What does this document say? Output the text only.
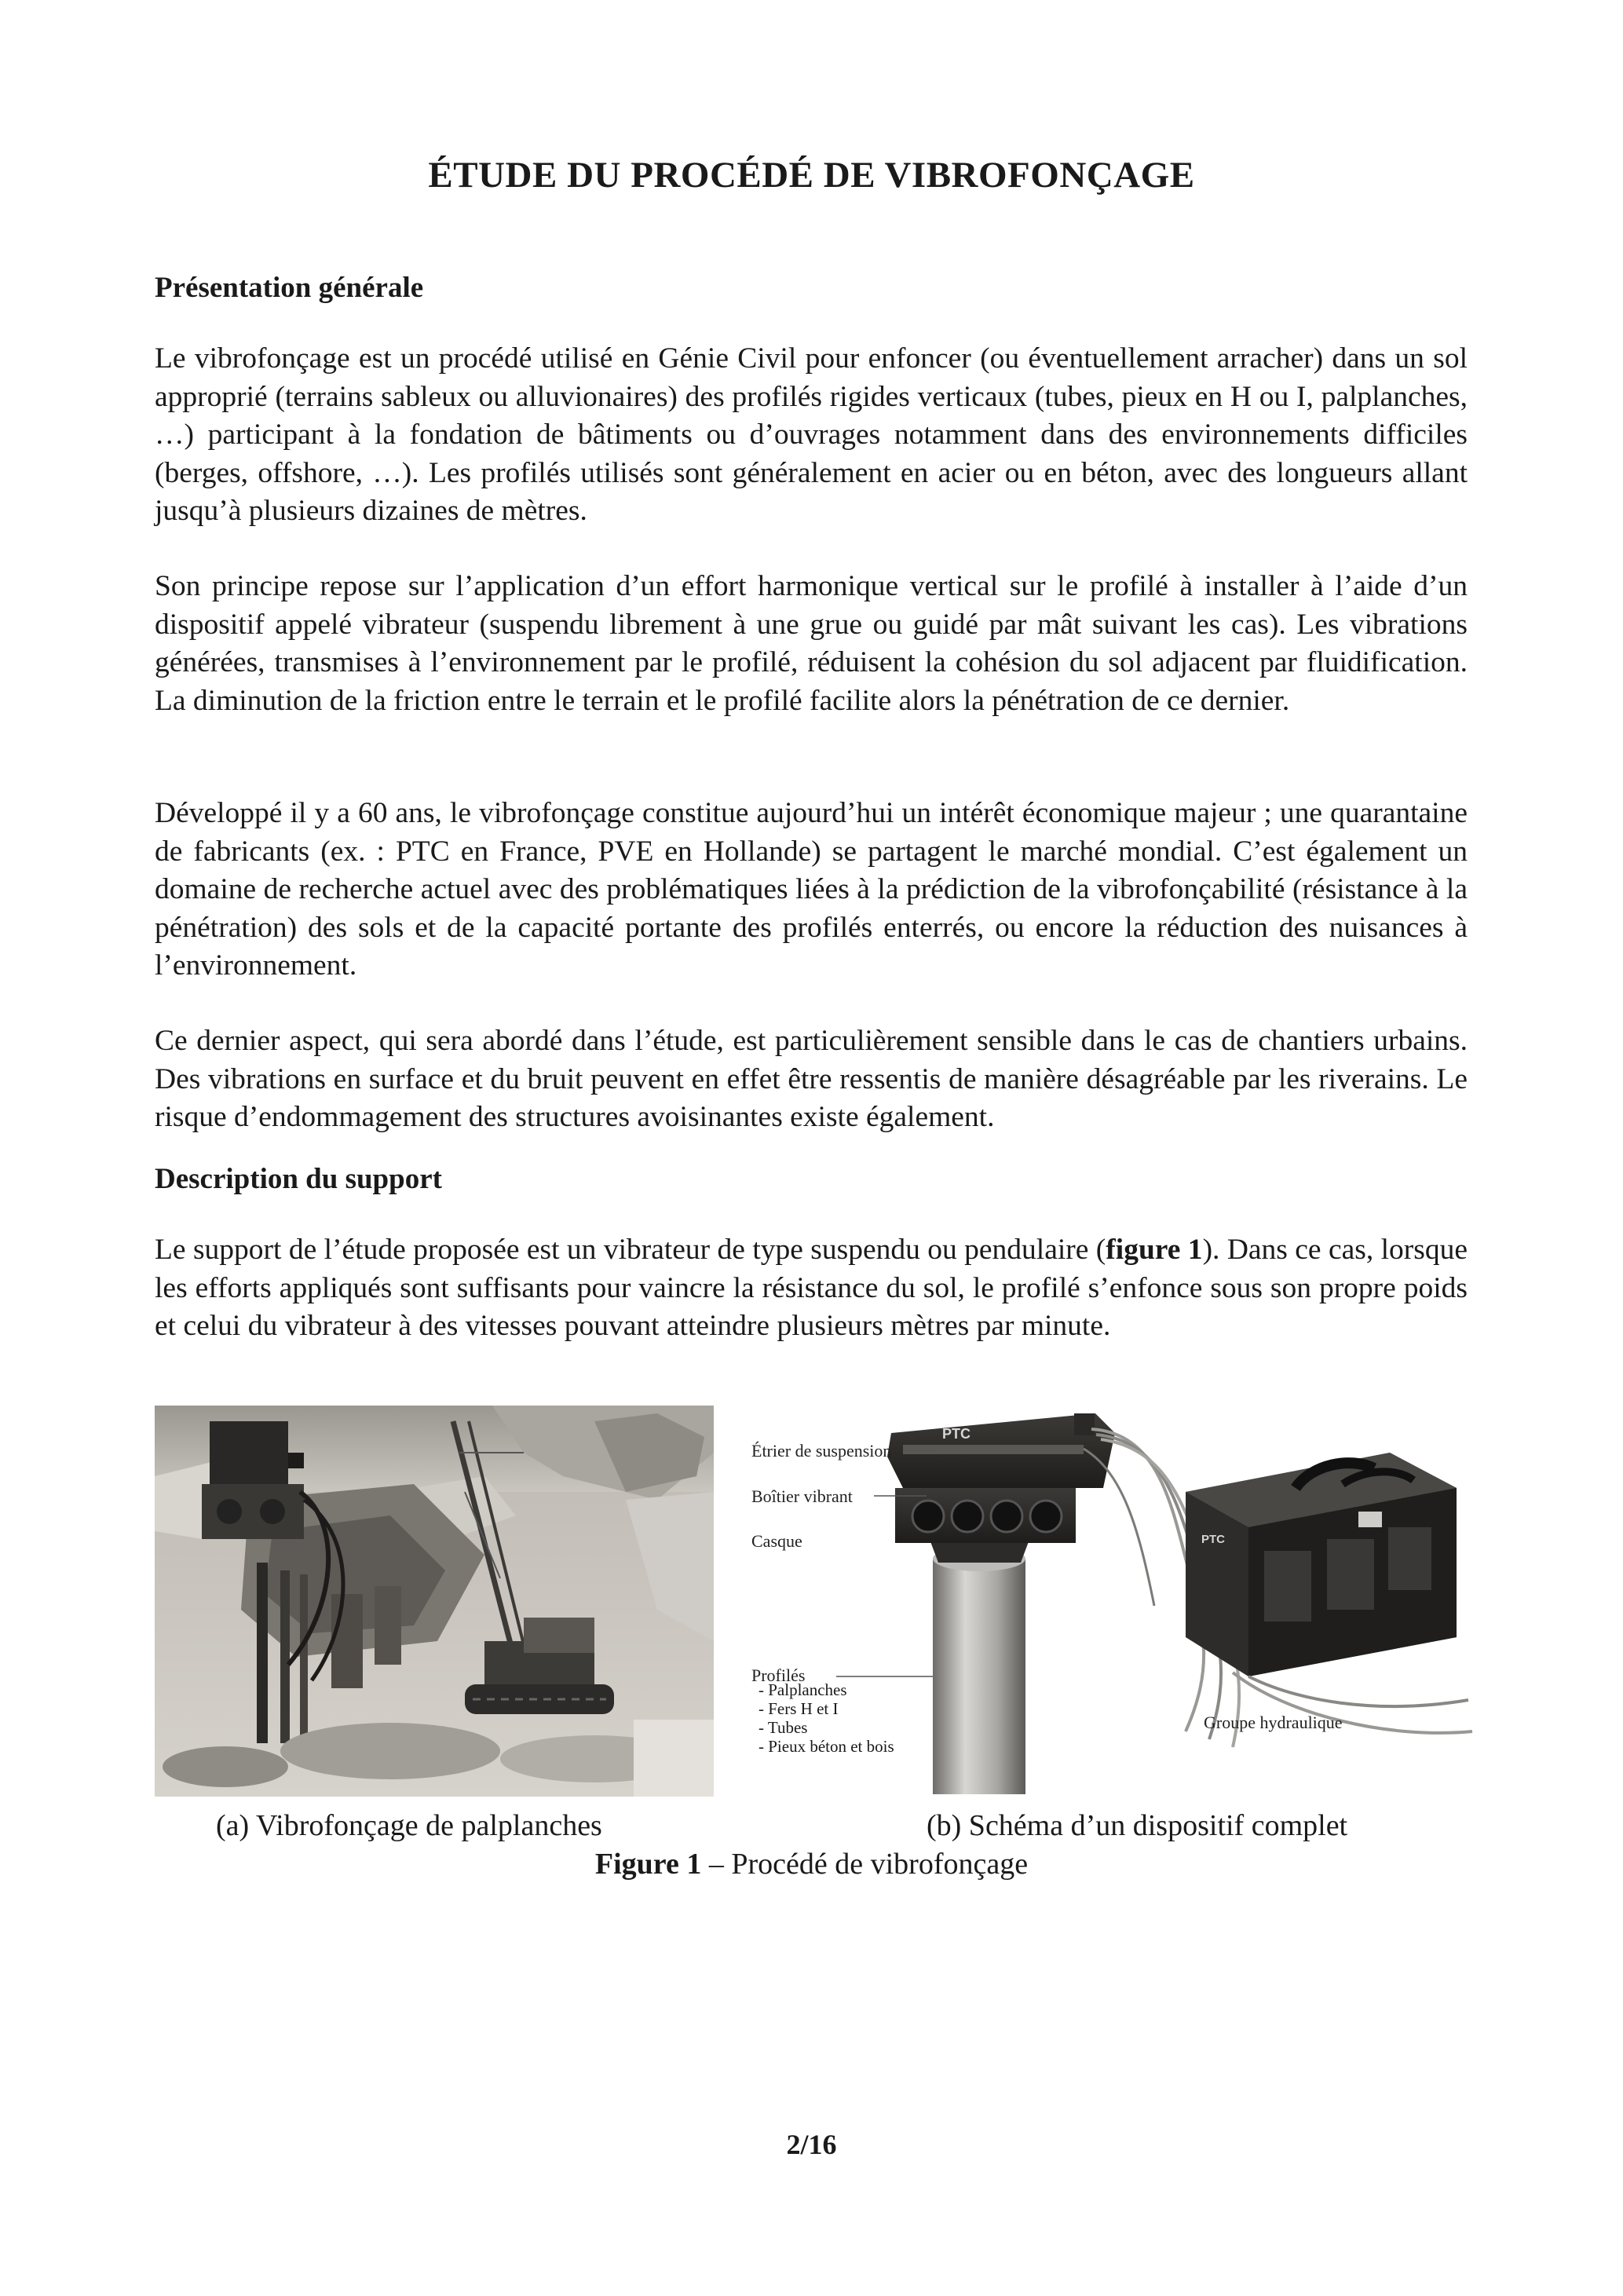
ÉTUDE DU PROCÉDÉ DE VIBROFONÇAGE
Présentation générale

Le vibrofonçage est un procédé utilisé en Génie Civil pour enfoncer (ou éventuellement arracher) dans un sol approprié (terrains sableux ou alluvionaires) des profilés rigides verticaux (tubes, pieux en H ou I, palplanches, …) participant à la fondation de bâtiments ou d’ouvrages notamment dans des environnements difficiles (berges, offshore, …). Les profilés utilisés sont généralement en acier ou en béton, avec des longueurs allant jusqu’à plusieurs dizaines de mètres.

Son principe repose sur l’application d’un effort harmonique vertical sur le profilé à installer à l’aide d’un dispositif appelé vibrateur (suspendu librement à une grue ou guidé par mât suivant les cas). Les vibrations générées, transmises à l’environnement par le profilé, réduisent la cohésion du sol adjacent par fluidification. La diminution de la friction entre le terrain et le profilé facilite alors la pénétration de ce dernier.

Développé il y a 60 ans, le vibrofonçage constitue aujourd’hui un intérêt économique majeur ; une quarantaine de fabricants (ex. : PTC en France, PVE en Hollande) se partagent le marché mondial. C’est également un domaine de recherche actuel avec des problématiques liées à la prédiction de la vibrofonçabilité (résistance à la pénétration) des sols et de la capacité portante des profilés enterrés, ou encore la réduction des nuisances à l’environnement.

Ce dernier aspect, qui sera abordé dans l’étude, est particulièrement sensible dans le cas de chantiers urbains. Des vibrations en surface et du bruit peuvent en effet être ressentis de manière désagréable par les riverains. Le risque d’endommagement des structures avoisinantes existe également.

Description du support

Le support de l’étude proposée est un vibrateur de type suspendu ou pendulaire (figure 1). Dans ce cas, lorsque les efforts appliqués sont suffisants pour vaincre la résistance du sol, le profilé s’enfonce sous son propre poids et celui du vibrateur à des vitesses pouvant atteindre plusieurs mètres par minute.

PTC
PTC
Étrier de suspension
Boîtier vibrant
Casque
Profilés
Groupe hydraulique
- Palplanches
- Fers H et I
- Tubes
- Pieux béton et bois
(a) Vibrofonçage de palplanches	(b) Schéma d’un dispositif complet
Figure 1 – Procédé de vibrofonçage
2/16
